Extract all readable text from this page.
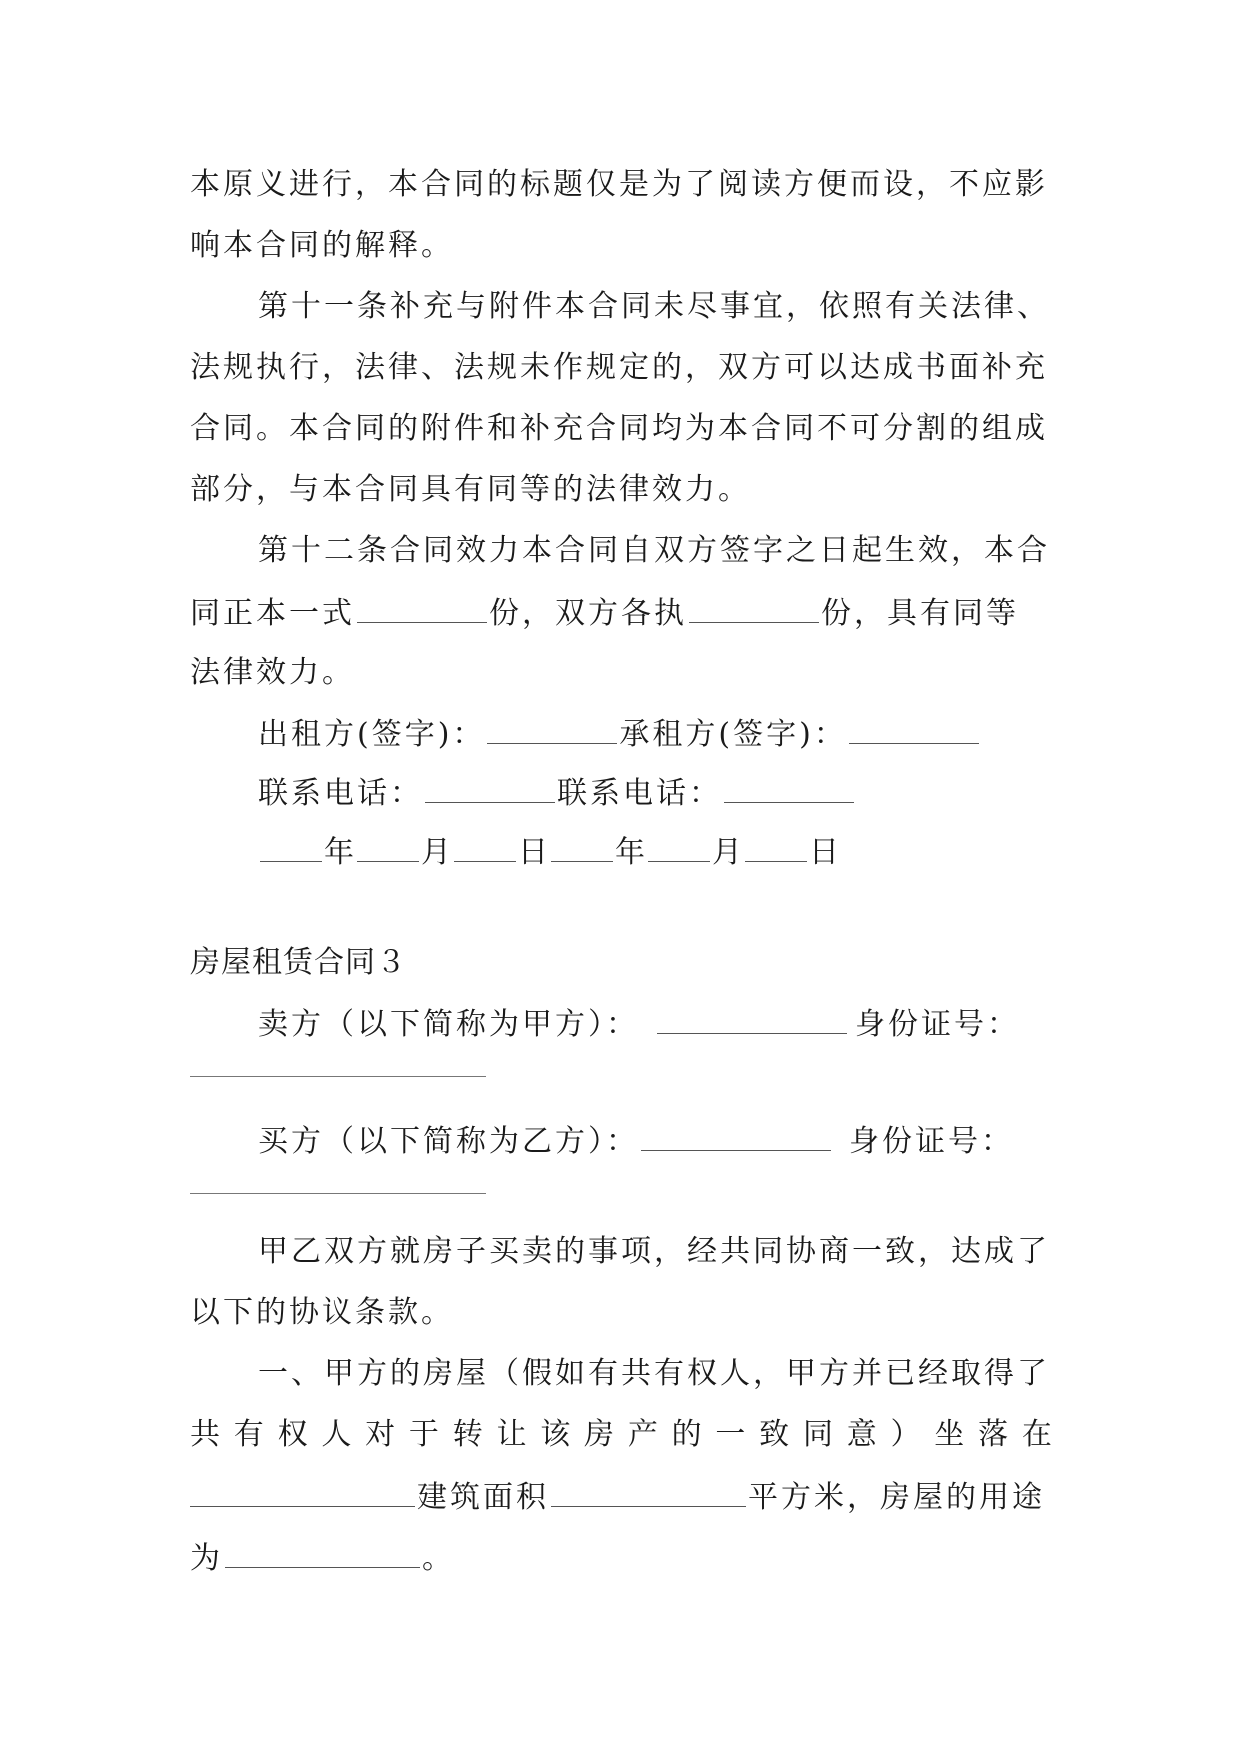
本原义进行，本合同的标题仅是为了阅读方便而设，不应影
响本合同的解释。
第十一条补充与附件本合同未尽事宜，依照有关法律、
法规执行，法律、法规未作规定的，双方可以达成书面补充
合同。本合同的附件和补充合同均为本合同不可分割的组成
部分，与本合同具有同等的法律效力。
第十二条合同效力本合同自双方签字之日起生效，本合
同正本一式	份，双方各执	份，具有同等
法律效力。
出租方(签字)：	承租方(签字)：
联系电话：	联系电话：
年 月 日 年 月 日
房屋租赁合同３
卖方（以下简称为甲方）：	身份证号：
买方（以下简称为乙方）：	身份证号：
甲乙双方就房子买卖的事项，经共同协商一致，达成了
以下的协议条款。
一、甲方的房屋（假如有共有权人，甲方并已经取得了
共 有 权 人 对 于 转 让 该 房 产 的 一 致 同 意 ） 坐 落 在
建筑面积	平方米，房屋的用途
为	。
